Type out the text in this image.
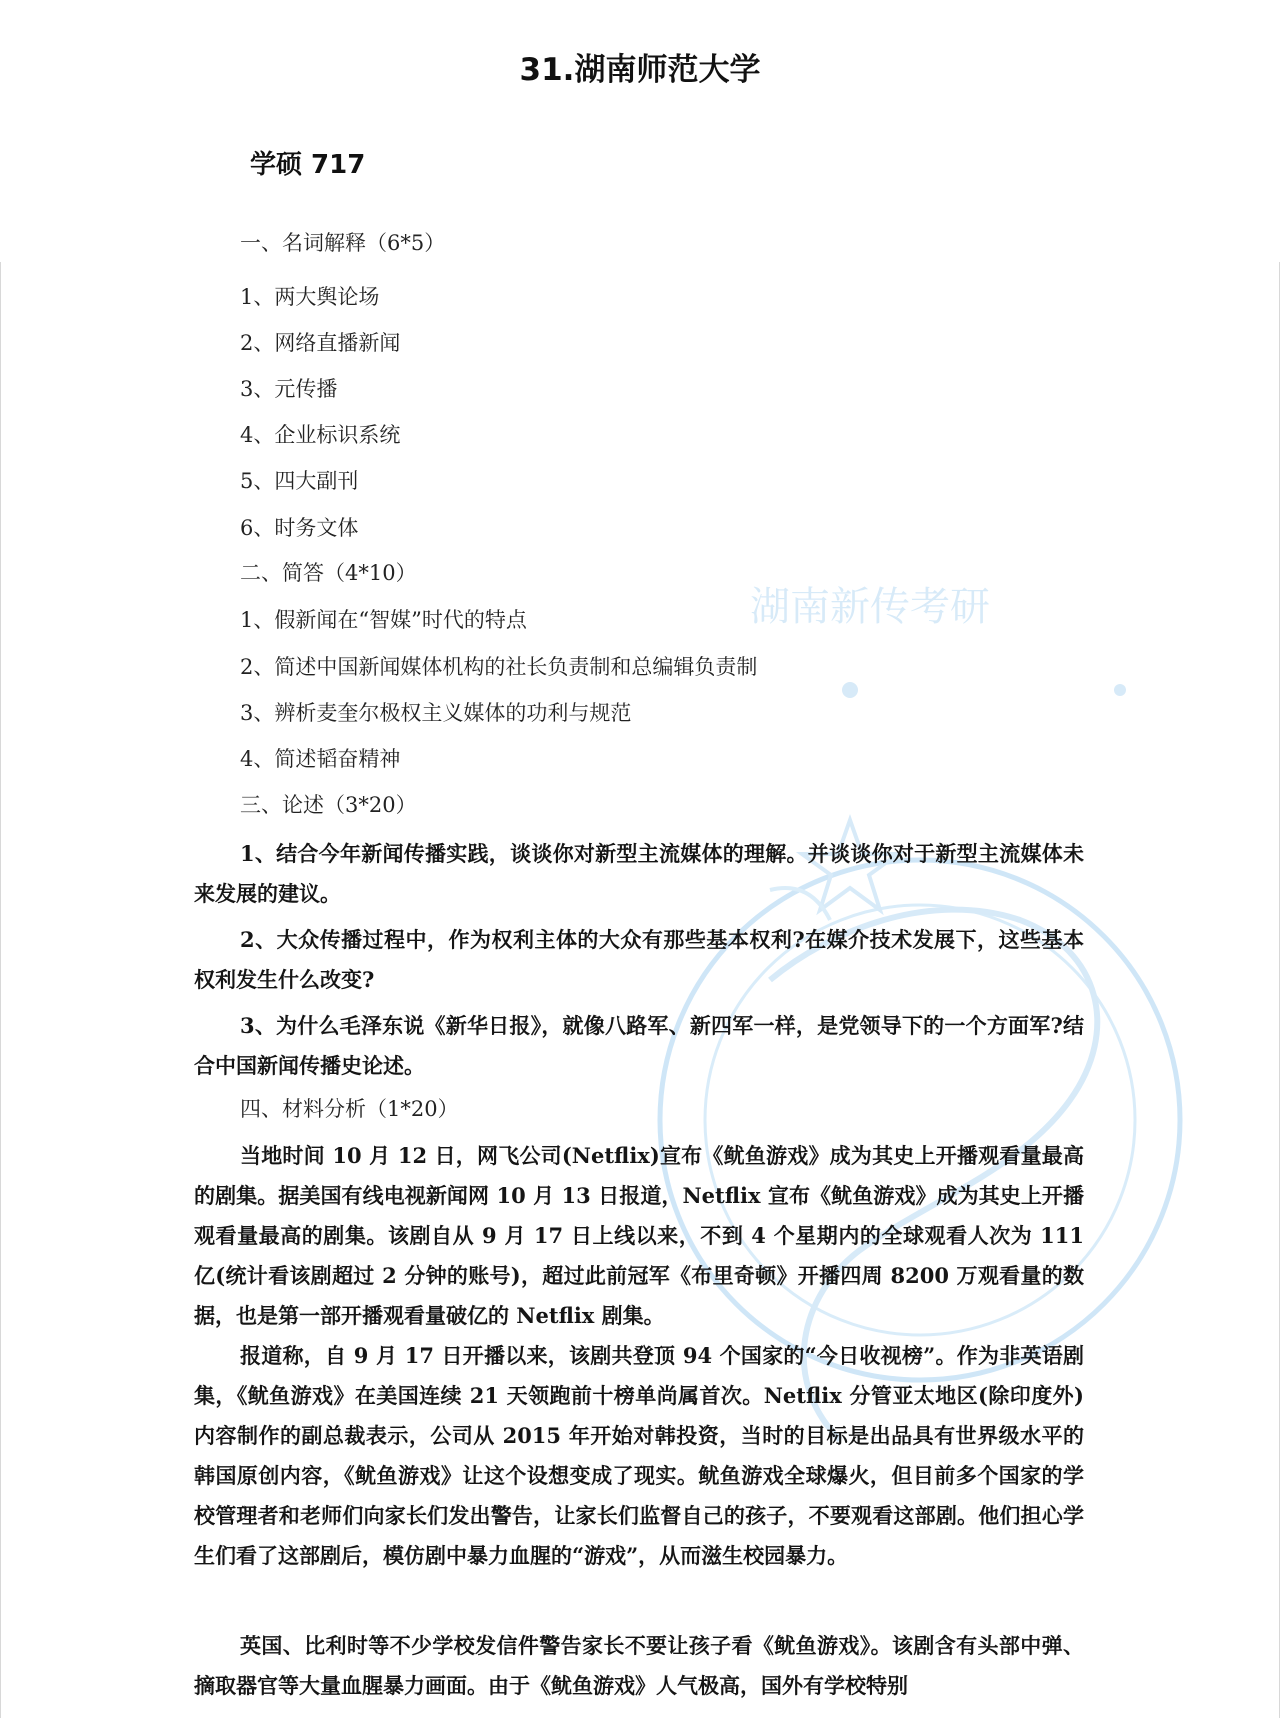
湖南新传考研
31.湖南师范大学
学硕 717
一、名词解释（6*5）
1、两大舆论场
2、网络直播新闻
3、元传播
4、企业标识系统
5、四大副刊
6、时务文体
二、简答（4*10）
1、假新闻在“智媒”时代的特点
2、简述中国新闻媒体机构的社长负责制和总编辑负责制
3、辨析麦奎尔极权主义媒体的功利与规范
4、简述韬奋精神
三、论述（3*20）
1、结合今年新闻传播实践，谈谈你对新型主流媒体的理解。并谈谈你对于新型主流媒体未来发展的建议。
2、大众传播过程中，作为权利主体的大众有那些基本权利?在媒介技术发展下，这些基本权利发生什么改变?
3、为什么毛泽东说《新华日报》，就像八路军、新四军一样，是党领导下的一个方面军?结合中国新闻传播史论述。
四、材料分析（1*20）
当地时间 10 月 12 日，网飞公司(Netflix)宣布《鱿鱼游戏》成为其史上开播观看量最高的剧集。据美国有线电视新闻网 10 月 13 日报道，Netflix 宣布《鱿鱼游戏》成为其史上开播观看量最高的剧集。该剧自从 9 月 17 日上线以来，不到 4 个星期内的全球观看人次为 111 亿(统计看该剧超过 2 分钟的账号)，超过此前冠军《布里奇顿》开播四周 8200 万观看量的数据，也是第一部开播观看量破亿的 Netflix 剧集。
报道称，自 9 月 17 日开播以来，该剧共登顶 94 个国家的“今日收视榜”。作为非英语剧集，《鱿鱼游戏》在美国连续 21 天领跑前十榜单尚属首次。Netflix 分管亚太地区(除印度外)内容制作的副总裁表示，公司从 2015 年开始对韩投资，当时的目标是出品具有世界级水平的韩国原创内容，《鱿鱼游戏》让这个设想变成了现实。鱿鱼游戏全球爆火，但目前多个国家的学校管理者和老师们向家长们发出警告，让家长们监督自己的孩子，不要观看这部剧。他们担心学生们看了这部剧后，模仿剧中暴力血腥的“游戏”，从而滋生校园暴力。
英国、比利时等不少学校发信件警告家长不要让孩子看《鱿鱼游戏》。该剧含有头部中弹、摘取器官等大量血腥暴力画面。由于《鱿鱼游戏》人气极高，国外有学校特别
